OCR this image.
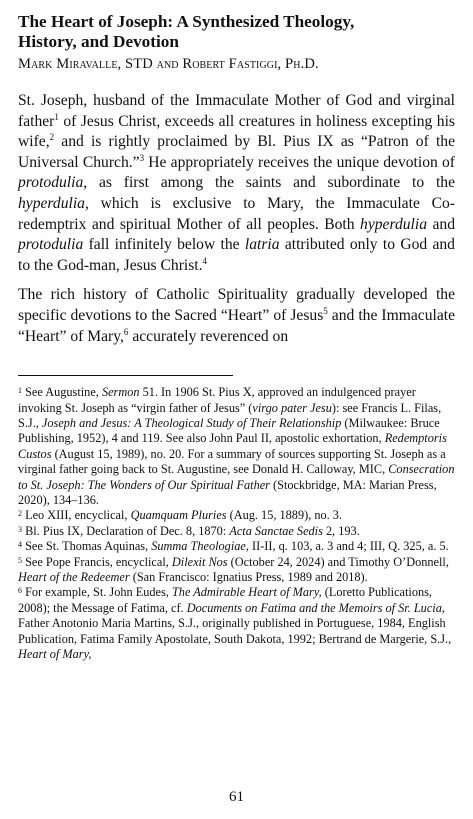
The Heart of Joseph: A Synthesized Theology,
History, and Devotion

Mark Miravalle, STD and Robert Fastiggi, Ph.D.

St. Joseph, husband of the Immaculate Mother of God and virginal father$^1$ of Jesus Christ, exceeds all creatures in holiness excepting his wife,$^2$ and is rightly proclaimed by Bl. Pius IX as “Patron of the Universal Church.”$^3$ He appropriately receives the unique devotion of protodulia, as first among the saints and subordinate to the hyperdulia, which is exclusive to Mary, the Immaculate Co-redemptrix and spiritual Mother of all peoples. Both hyperdulia and protodulia fall infinitely below the latria attributed only to God and to the God-man, Jesus Christ.$^4$

The rich history of Catholic Spirituality gradually developed the specific devotions to the Sacred “Heart” of Jesus$^5$ and the Immaculate “Heart” of Mary,$^6$ accurately reverenced on

$^1$ See Augustine, Sermon 51. In 1906 St. Pius X, approved an indulgenced prayer invoking St. Joseph as “virgin father of Jesus” (virgo pater Jesu): see Francis L. Filas, S.J., Joseph and Jesus: A Theological Study of Their Relationship (Milwaukee: Bruce Publishing, 1952), 4 and 119. See also John Paul II, apostolic exhortation, Redemptoris Custos (August 15, 1989), no. 20. For a summary of sources supporting St. Joseph as a virginal father going back to St. Augustine, see Donald H. Calloway, MIC, Consecration to St. Joseph: The Wonders of Our Spiritual Father (Stockbridge, MA: Marian Press, 2020), 134–136.

$^2$ Leo XIII, encyclical, Quamquam Pluries (Aug. 15, 1889), no. 3.

$^3$ Bl. Pius IX, Declaration of Dec. 8, 1870: Acta Sanctae Sedis 2, 193.

$^4$ See St. Thomas Aquinas, Summa Theologiae, II-II, q. 103, a. 3 and 4; III, Q. 325, a. 5.

$^5$ See Pope Francis, encyclical, Dilexit Nos (October 24, 2024) and Timothy O’Donnell, Heart of the Redeemer (San Francisco: Ignatius Press, 1989 and 2018).

$^6$ For example, St. John Eudes, The Admirable Heart of Mary, (Loretto Publications, 2008); the Message of Fatima, cf. Documents on Fatima and the Memoirs of Sr. Lucia, Father Anotonio Maria Martins, S.J., originally published in Portuguese, 1984, English Publication, Fatima Family Apostolate, South Dakota, 1992; Bertrand de Margerie, S.J., Heart of Mary,

61
